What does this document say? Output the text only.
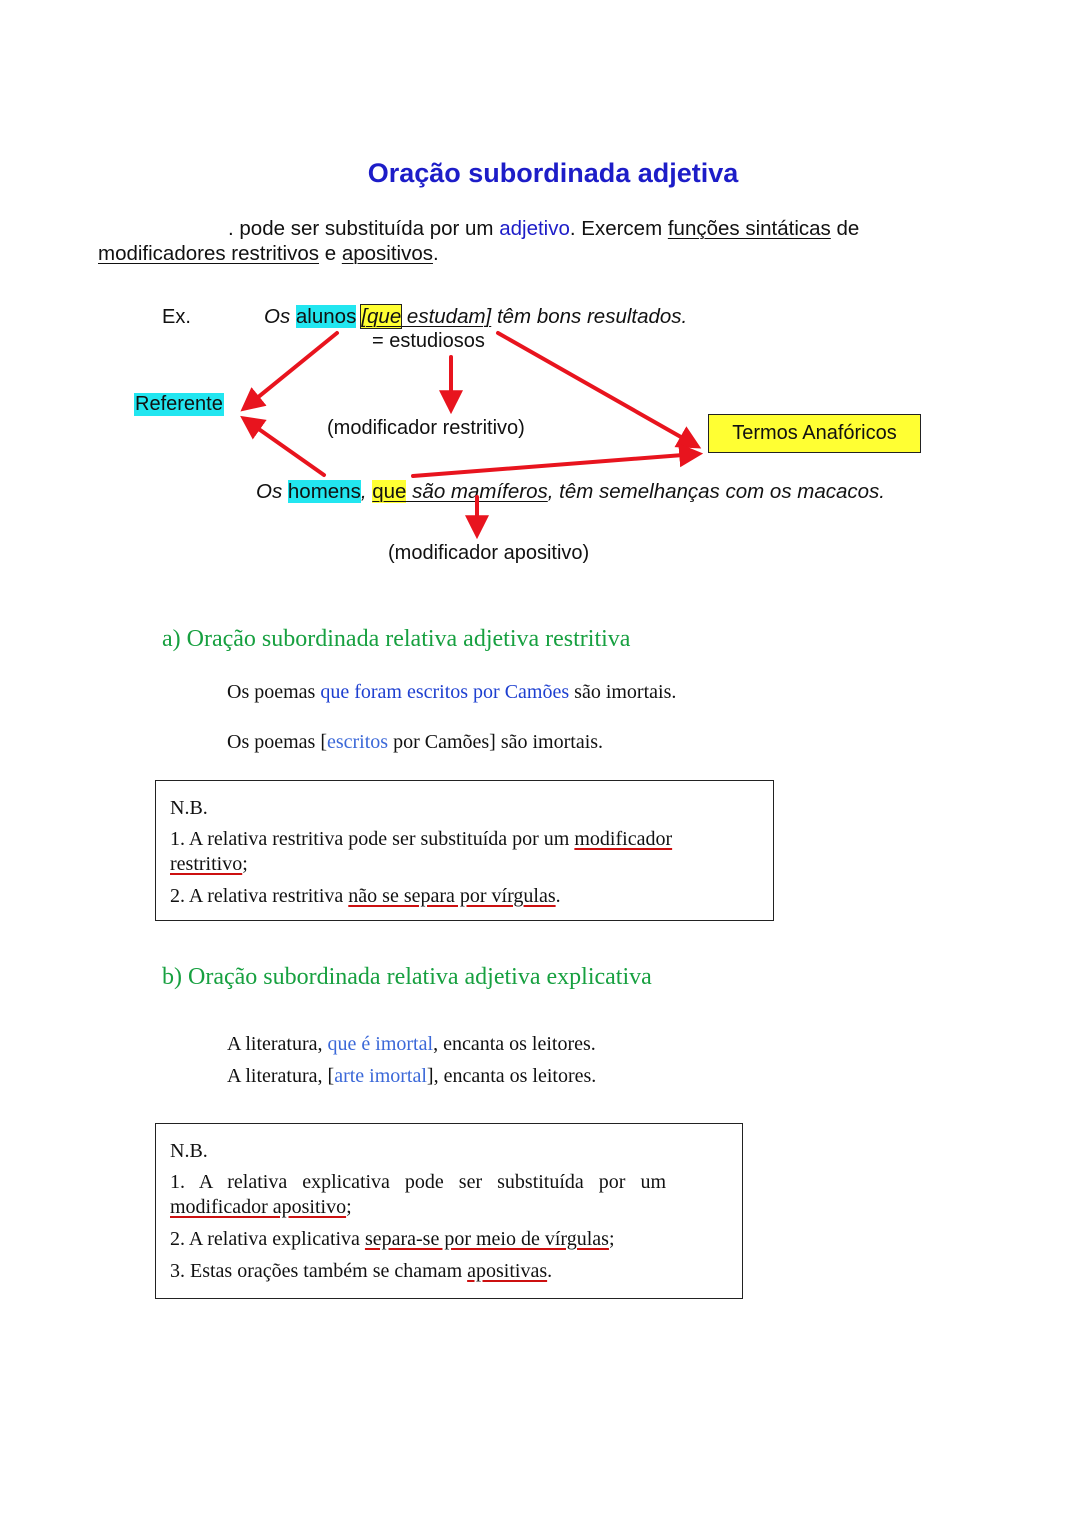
Oração subordinada adjetiva
. pode ser substituída por um adjetivo. Exercem funções sintáticas de
modificadores restritivos e apositivos.
Ex.	Os alunos [que estudam] têm bons resultados.
= estudiosos
Referente
(modificador restritivo)	Termos Anafóricos
Os homens, que são mamíferos, têm semelhanças com os macacos.
(modificador apositivo)
a) Oração subordinada relativa adjetiva restritiva
Os poemas que foram escritos por Camões são imortais.
Os poemas [escritos por Camões] são imortais.
N.B.
1. A relativa restritiva pode ser substituída por um modificador
restritivo;
2. A relativa restritiva não se separa por vírgulas.
b) Oração subordinada relativa adjetiva explicativa
A literatura, que é imortal, encanta os leitores.
A literatura, [arte imortal], encanta os leitores.
N.B.
1.   A   relativa   explicativa   pode   ser   substituída   por   um
modificador apositivo;
2. A relativa explicativa separa-se por meio de vírgulas;
3. Estas orações também se chamam apositivas.
